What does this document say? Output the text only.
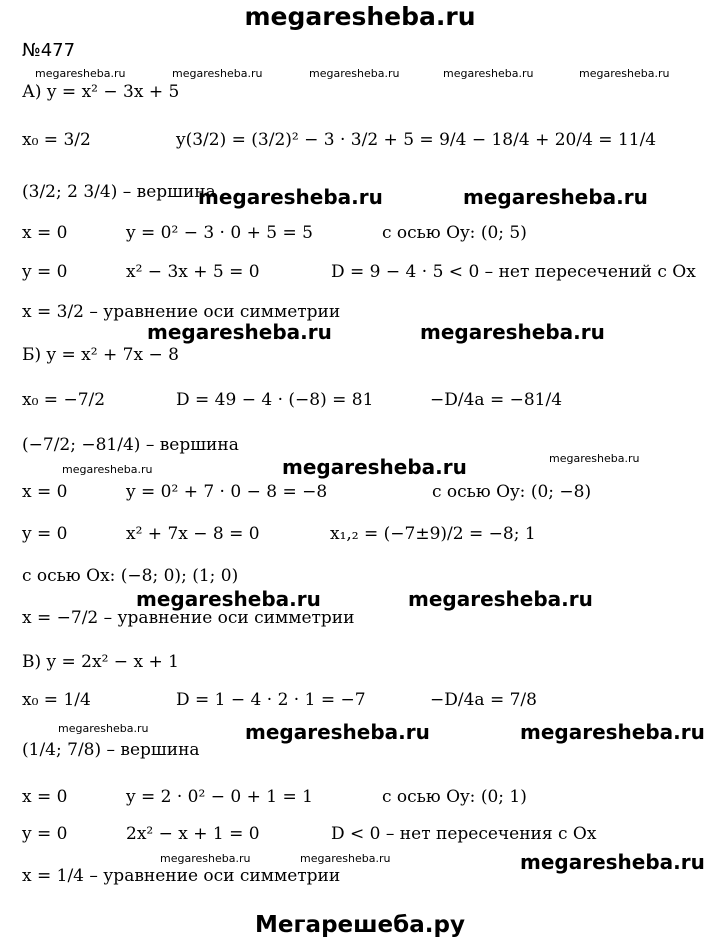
megaresheba.ru
Мегарешеба.ру
megaresheba.ru	megaresheba.ru	megaresheba.ru	megaresheba.ru	megaresheba.ru
megaresheba.ru	megaresheba.ru
megaresheba.ru	megaresheba.ru
megaresheba.ru	megaresheba.ru	megaresheba.ru
megaresheba.ru	megaresheba.ru
megaresheba.ru	megaresheba.ru	megaresheba.ru
megaresheba.ru	megaresheba.ru	megaresheba.ru
№477
А) y = x² − 3x + 5
x₀ = 3/2	y(3/2) = (3/2)² − 3 · 3/2 + 5 = 9/4 − 18/4 + 20/4 = 11/4
(3/2; 2 3/4) – вершина
x = 0	y = 0² − 3 · 0 + 5 = 5	с осью Oy: (0; 5)
y = 0	x² − 3x + 5 = 0	D = 9 − 4 · 5 < 0 – нет пересечений с Ох
x = 3/2 – уравнение оси симметрии
Б) y = x² + 7x − 8
x₀ = −7/2	D = 49 − 4 · (−8) = 81	−D/4a = −81/4
(−7/2; −81/4) – вершина
x = 0	y = 0² + 7 · 0 − 8 = −8	с осью Oy: (0; −8)
y = 0	x² + 7x − 8 = 0	x₁,₂ = (−7±9)/2 = −8; 1
с осью Ox: (−8; 0); (1; 0)
x = −7/2 – уравнение оси симметрии
В) y = 2x² − x + 1
x₀ = 1/4	D = 1 − 4 · 2 · 1 = −7	−D/4a = 7/8
(1/4; 7/8) – вершина
x = 0	y = 2 · 0² − 0 + 1 = 1	с осью Oy: (0; 1)
y = 0	2x² − x + 1 = 0	D < 0 – нет пересечения с Ох
x = 1/4 – уравнение оси симметрии
